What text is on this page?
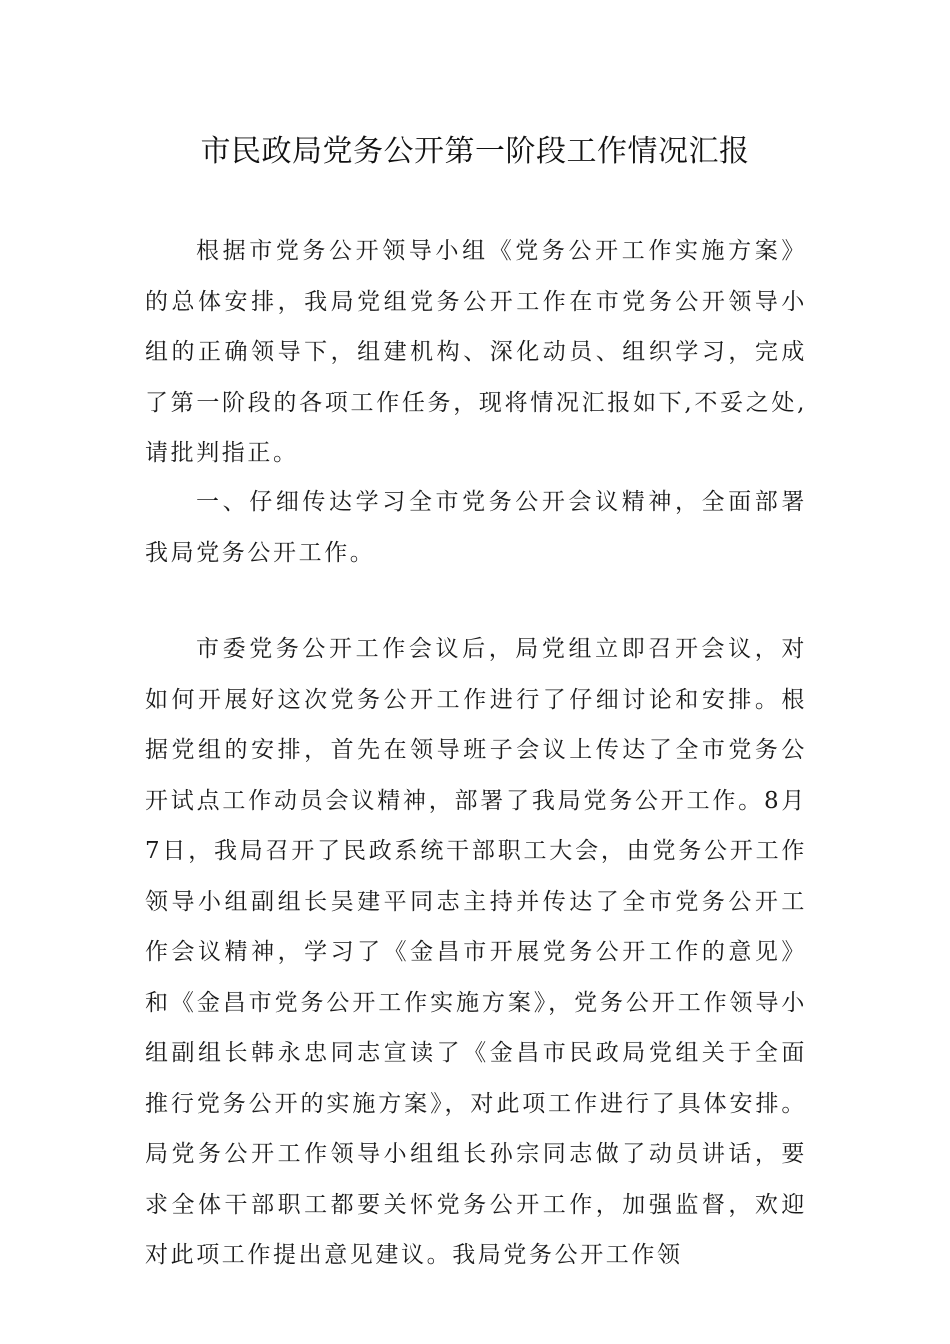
市民政局党务公开第一阶段工作情况汇报

根据市党务公开领导小组《党务公开工作实施方案》的总体安排，我局党组党务公开工作在市党务公开领导小组的正确领导下，组建机构、深化动员、组织学习，完成了第一阶段的各项工作任务，现将情况汇报如下,不妥之处,请批判指正。

一、仔细传达学习全市党务公开会议精神，全面部署我局党务公开工作。

市委党务公开工作会议后，局党组立即召开会议，对如何开展好这次党务公开工作进行了仔细讨论和安排。根据党组的安排，首先在领导班子会议上传达了全市党务公开试点工作动员会议精神，部署了我局党务公开工作。8月7日，我局召开了民政系统干部职工大会，由党务公开工作领导小组副组长吴建平同志主持并传达了全市党务公开工作会议精神，学习了《金昌市开展党务公开工作的意见》和《金昌市党务公开工作实施方案》，党务公开工作领导小组副组长韩永忠同志宣读了《金昌市民政局党组关于全面推行党务公开的实施方案》，对此项工作进行了具体安排。局党务公开工作领导小组组长孙宗同志做了动员讲话，要求全体干部职工都要关怀党务公开工作，加强监督，欢迎对此项工作提出意见建议。我局党务公开工作领
